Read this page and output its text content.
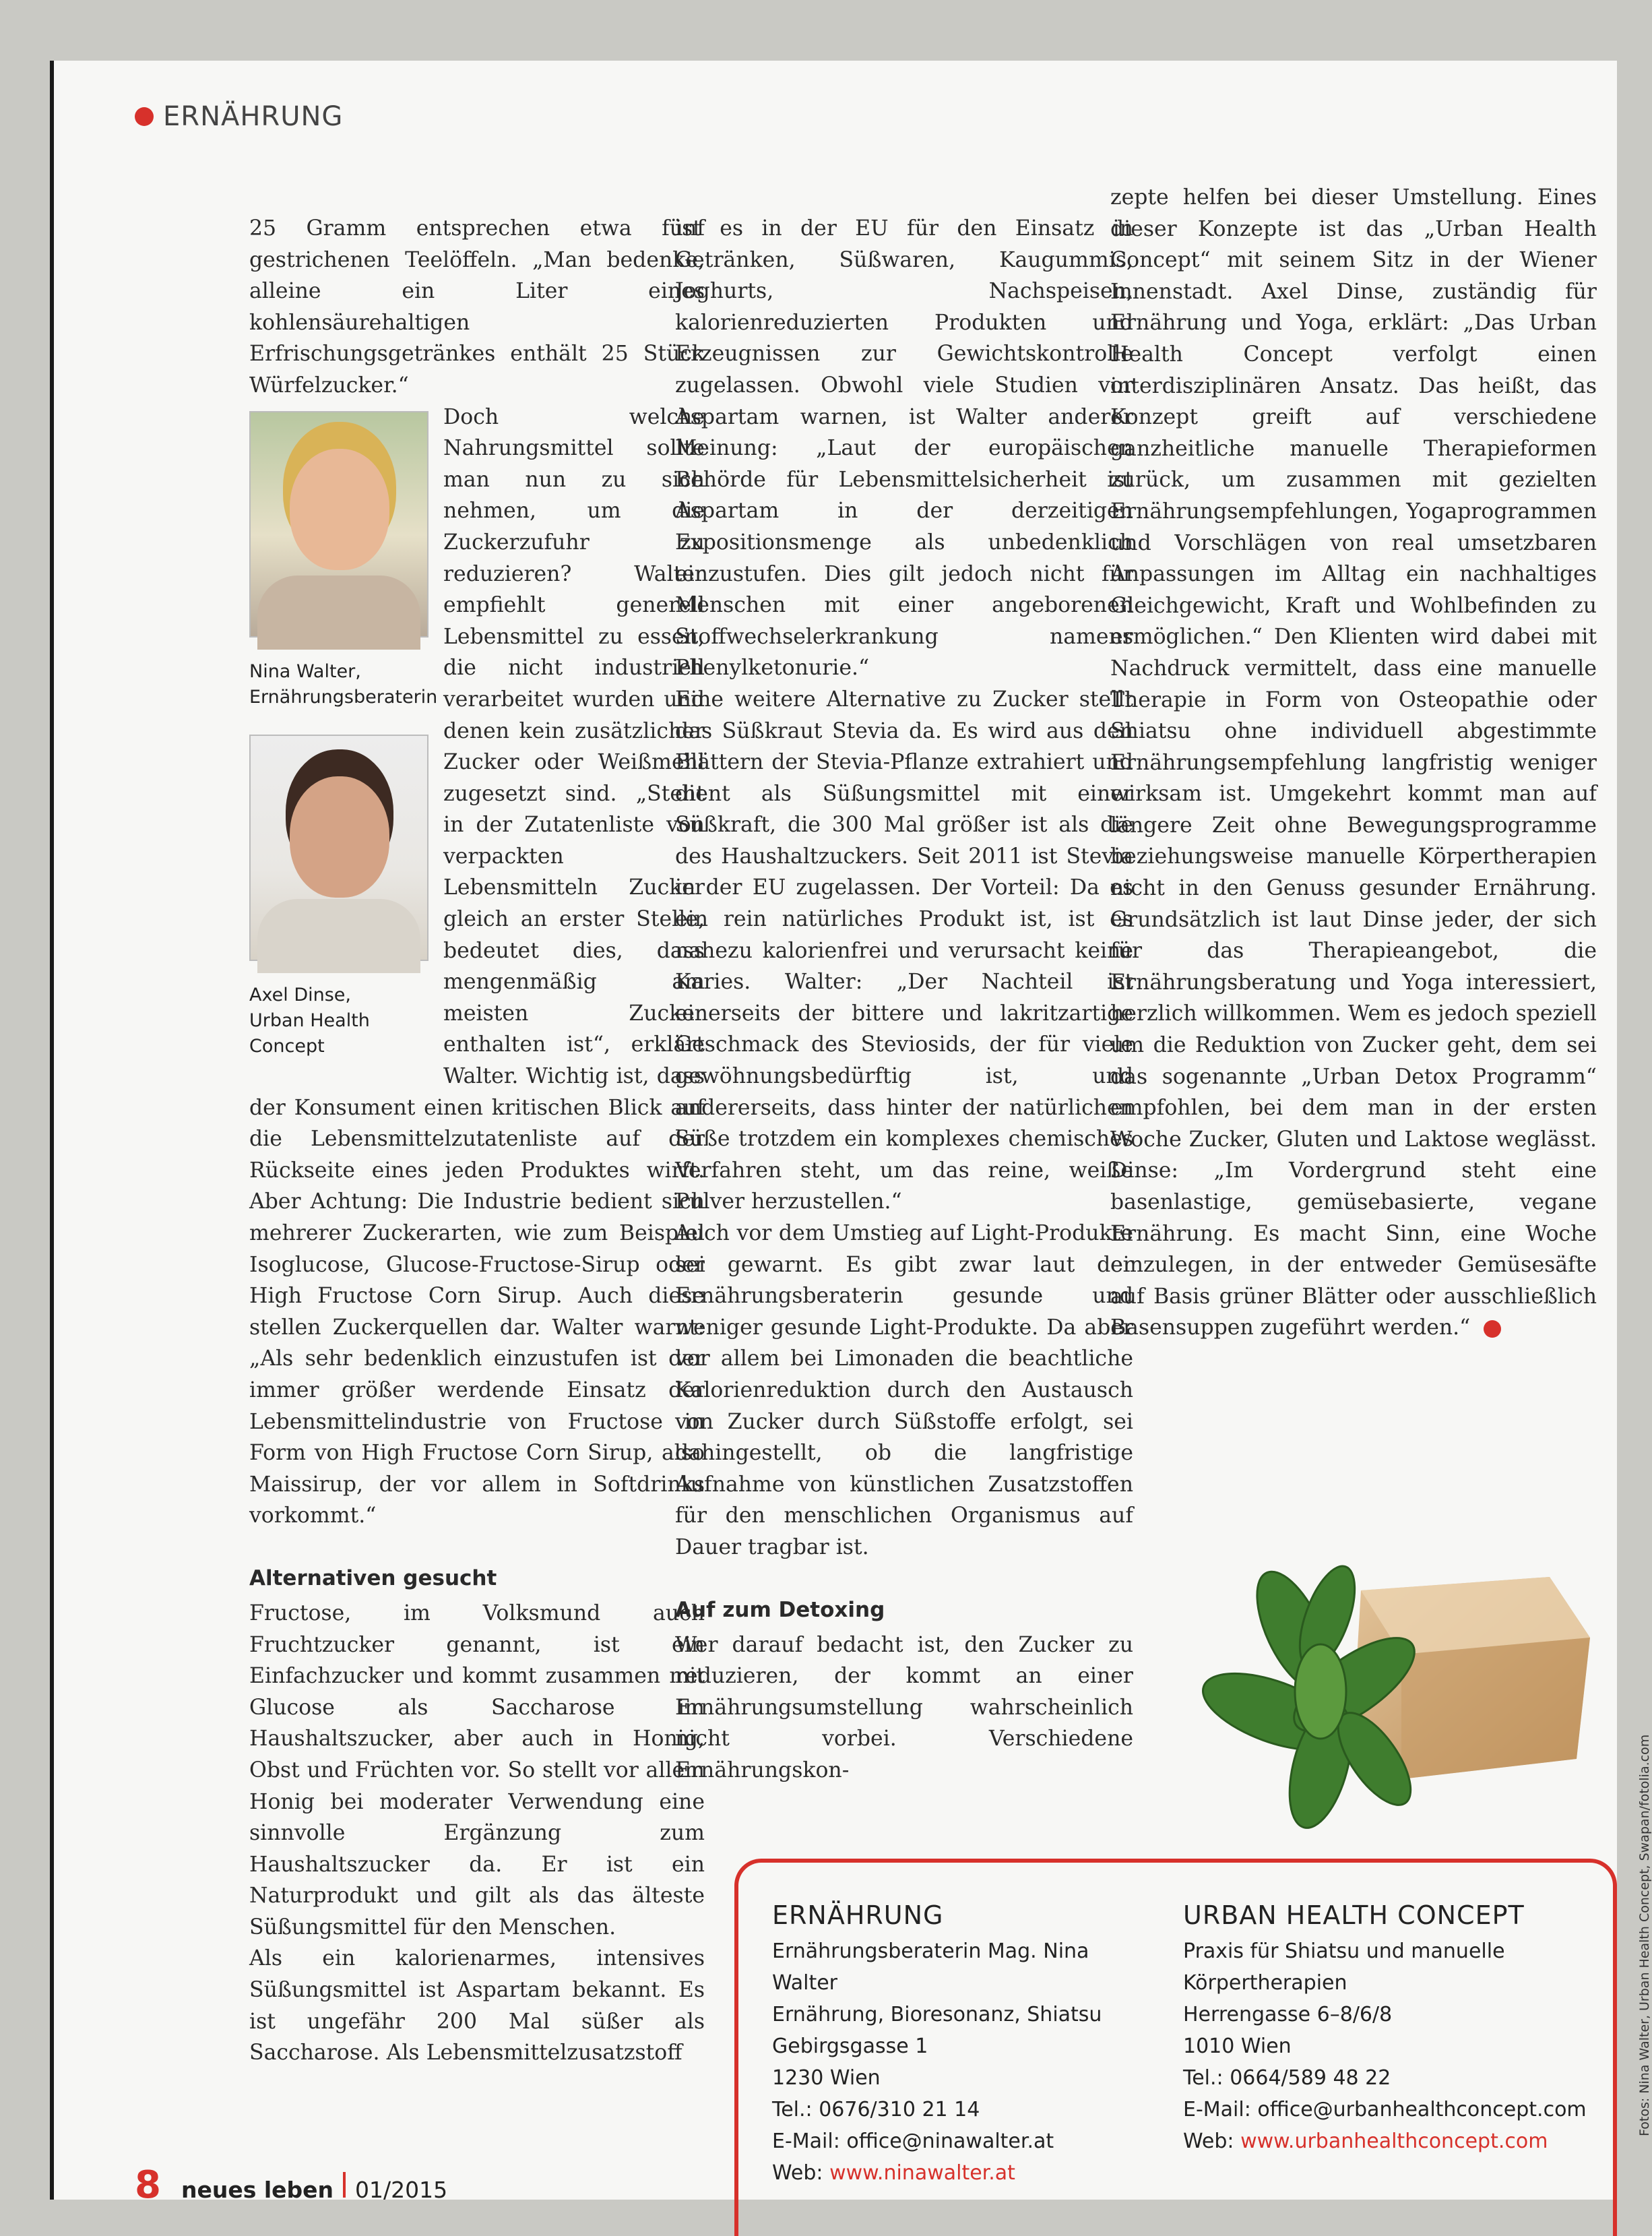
ERNÄHRUNG

25 Gramm entsprechen etwa fünf gestrichenen Teelöffeln. „Man bedenke, alleine ein Liter eines kohlensäurehaltigen Erfrischungsgetränkes enthält 25 Stück Würfelzucker.“

Nina Walter,
Ernährungsberaterin
Axel Dinse,
Urban Health Concept

Doch welche Nahrungsmittel sollte man nun zu sich nehmen, um die Zuckerzufuhr zu reduzieren? Walter empfiehlt generell Lebensmittel zu essen, die nicht industriell verarbeitet wurden und denen kein zusätzlicher Zucker oder Weißmehl zugesetzt sind. „Steht in der Zutatenliste von verpackten Lebensmitteln Zucker gleich an erster Stelle, bedeutet dies, dass mengenmäßig am meisten Zucker enthalten ist“, erklärt Walter. Wichtig ist, dass der Konsument einen kritischen Blick auf die Lebensmittelzutatenliste auf der Rückseite eines jeden Produktes wirft. Aber Achtung: Die Industrie bedient sich mehrerer Zuckerarten, wie zum Beispiel Isoglucose, Glucose-Fructose-Sirup oder High Fructose Corn Sirup. Auch diese stellen Zuckerquellen dar. Walter warnt: „Als sehr bedenklich einzustufen ist der immer größer werdende Einsatz der Lebensmittelindustrie von Fructose in Form von High Fructose Corn Sirup, also Maissirup, der vor allem in Softdrinks vorkommt.“

Alternativen gesucht

Fructose, im Volksmund auch Fruchtzucker genannt, ist ein Einfachzucker und kommt zusammen mit Glucose als Saccharose im Haushaltszucker, aber auch in Honig, Obst und Früchten vor. So stellt vor allem Honig bei moderater Verwendung eine sinnvolle Ergänzung zum Haushaltszucker da. Er ist ein Naturprodukt und gilt als das älteste Süßungsmittel für den Menschen.

Als ein kalorienarmes, intensives Süßungsmittel ist Aspartam bekannt. Es ist ungefähr 200 Mal süßer als Saccharose. Als Lebensmittelzusatzstoff

ist es in der EU für den Einsatz in Getränken, Süßwaren, Kaugummis, Joghurts, Nachspeisen, kalorienreduzierten Produkten und Erzeugnissen zur Gewichtskontrolle zugelassen. Obwohl viele Studien vor Aspartam warnen, ist Walter anderer Meinung: „Laut der europäischen Behörde für Lebensmittelsicherheit ist Aspartam in der derzeitigen Expositionsmenge als unbedenklich einzustufen. Dies gilt jedoch nicht für Menschen mit einer angeborenen Stoffwechselerkrankung namens Phenylketonurie.“

Eine weitere Alternative zu Zucker stellt das Süßkraut Stevia da. Es wird aus den Blättern der Stevia-Pflanze extrahiert und dient als Süßungsmittel mit einer Süßkraft, die 300 Mal größer ist als die des Haushaltzuckers. Seit 2011 ist Stevia in der EU zugelassen. Der Vorteil: Da es ein rein natürliches Produkt ist, ist es nahezu kalorienfrei und verursacht keine Karies. Walter: „Der Nachteil ist einerseits der bittere und lakritzartige Geschmack des Steviosids, der für viele gewöhnungsbedürftig ist, und andererseits, dass hinter der natürlichen Süße trotzdem ein komplexes chemisches Verfahren steht, um das reine, weiße Pulver herzustellen.“

Auch vor dem Umstieg auf Light-Produkte sei gewarnt. Es gibt zwar laut der Ernährungsberaterin gesunde und weniger gesunde Light-Produkte. Da aber vor allem bei Limonaden die beachtliche Kalorienreduktion durch den Austausch von Zucker durch Süßstoffe erfolgt, sei dahingestellt, ob die langfristige Aufnahme von künstlichen Zusatzstoffen für den menschlichen Organismus auf Dauer tragbar ist.

Auf zum Detoxing

Wer darauf bedacht ist, den Zucker zu reduzieren, der kommt an einer Ernährungsumstellung wahrscheinlich nicht vorbei. Verschiedene Ernährungskon-

zepte helfen bei dieser Umstellung. Eines dieser Konzepte ist das „Urban Health Concept“ mit seinem Sitz in der Wiener Innenstadt. Axel Dinse, zuständig für Ernährung und Yoga, erklärt: „Das Urban Health Concept verfolgt einen interdisziplinären Ansatz. Das heißt, das Konzept greift auf verschiedene ganzheitliche manuelle Therapieformen zurück, um zusammen mit gezielten Ernährungsempfehlungen, Yogaprogrammen und Vorschlägen von real umsetzbaren Anpassungen im Alltag ein nachhaltiges Gleichgewicht, Kraft und Wohlbefinden zu ermöglichen.“ Den Klienten wird dabei mit Nachdruck vermittelt, dass eine manuelle Therapie in Form von Osteopathie oder Shiatsu ohne individuell abgestimmte Ernährungsempfehlung langfristig weniger wirksam ist. Umgekehrt kommt man auf längere Zeit ohne Bewegungsprogramme beziehungsweise manuelle Körpertherapien nicht in den Genuss gesunder Ernährung. Grundsätzlich ist laut Dinse jeder, der sich für das Therapieangebot, die Ernährungsberatung und Yoga interessiert, herzlich willkommen. Wem es jedoch speziell um die Reduktion von Zucker geht, dem sei das sogenannte „Urban Detox Programm“ empfohlen, bei dem man in der ersten Woche Zucker, Gluten und Laktose weglässt. Dinse: „Im Vordergrund steht eine basenlastige, gemüsebasierte, vegane Ernährung. Es macht Sinn, eine Woche einzulegen, in der entweder Gemüsesäfte auf Basis grüner Blätter oder ausschließlich Basensuppen zugeführt werden.“

ERNÄHRUNG
Ernährungsberaterin Mag. Nina Walter
Ernährung, Bioresonanz, Shiatsu
Gebirgsgasse 1
1230 Wien
Tel.: 0676/310 21 14
E-Mail: office@ninawalter.at
Web: www.ninawalter.at
URBAN HEALTH CONCEPT
Praxis für Shiatsu und manuelle
Körpertherapien
Herrengasse 6–8/6/8
1010 Wien
Tel.: 0664/589 48 22
E-Mail: office@urbanhealthconcept.com
Web: www.urbanhealthconcept.com
Fotos: Nina Walter, Urban Health Concept, Swapan/fotolia.com
8 neues leben 01/2015
